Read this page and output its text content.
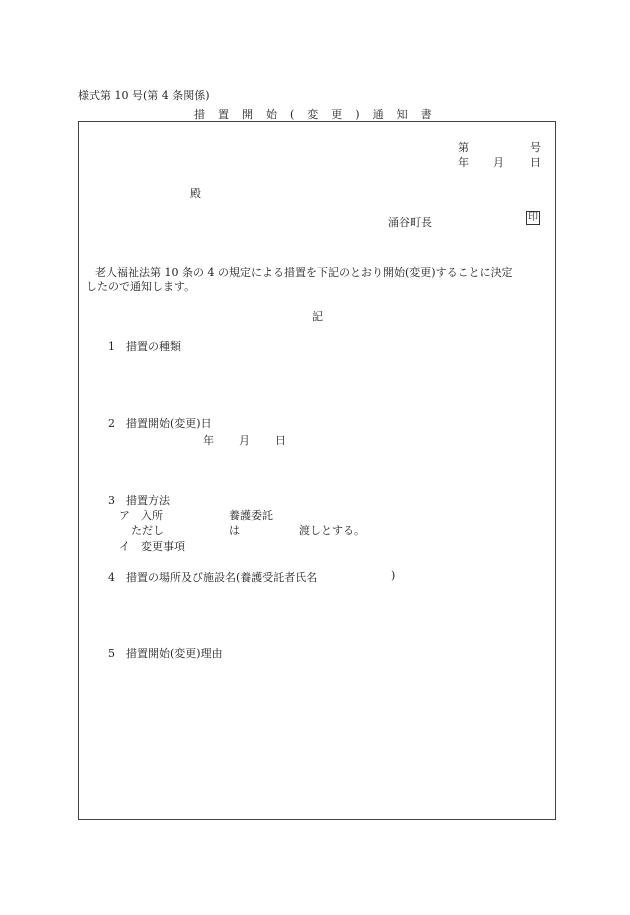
様式第 10 号(第 4 条関係)
措　置　開　始　(　変　更　)　通　知　書
第	号
年 月 日
殿
涌谷町長	印
老人福祉法第 10 条の 4 の規定による措置を下記のとおり開始(変更)することに決定
したので通知します。
記
1　措置の種類
2　措置開始(変更)日
年 月 日
3　措置方法
ア　入所	養護委託
ただし	は	渡しとする。
イ　変更事項
4　措置の場所及び施設名(養護受託者氏名	)
5　措置開始(変更)理由
